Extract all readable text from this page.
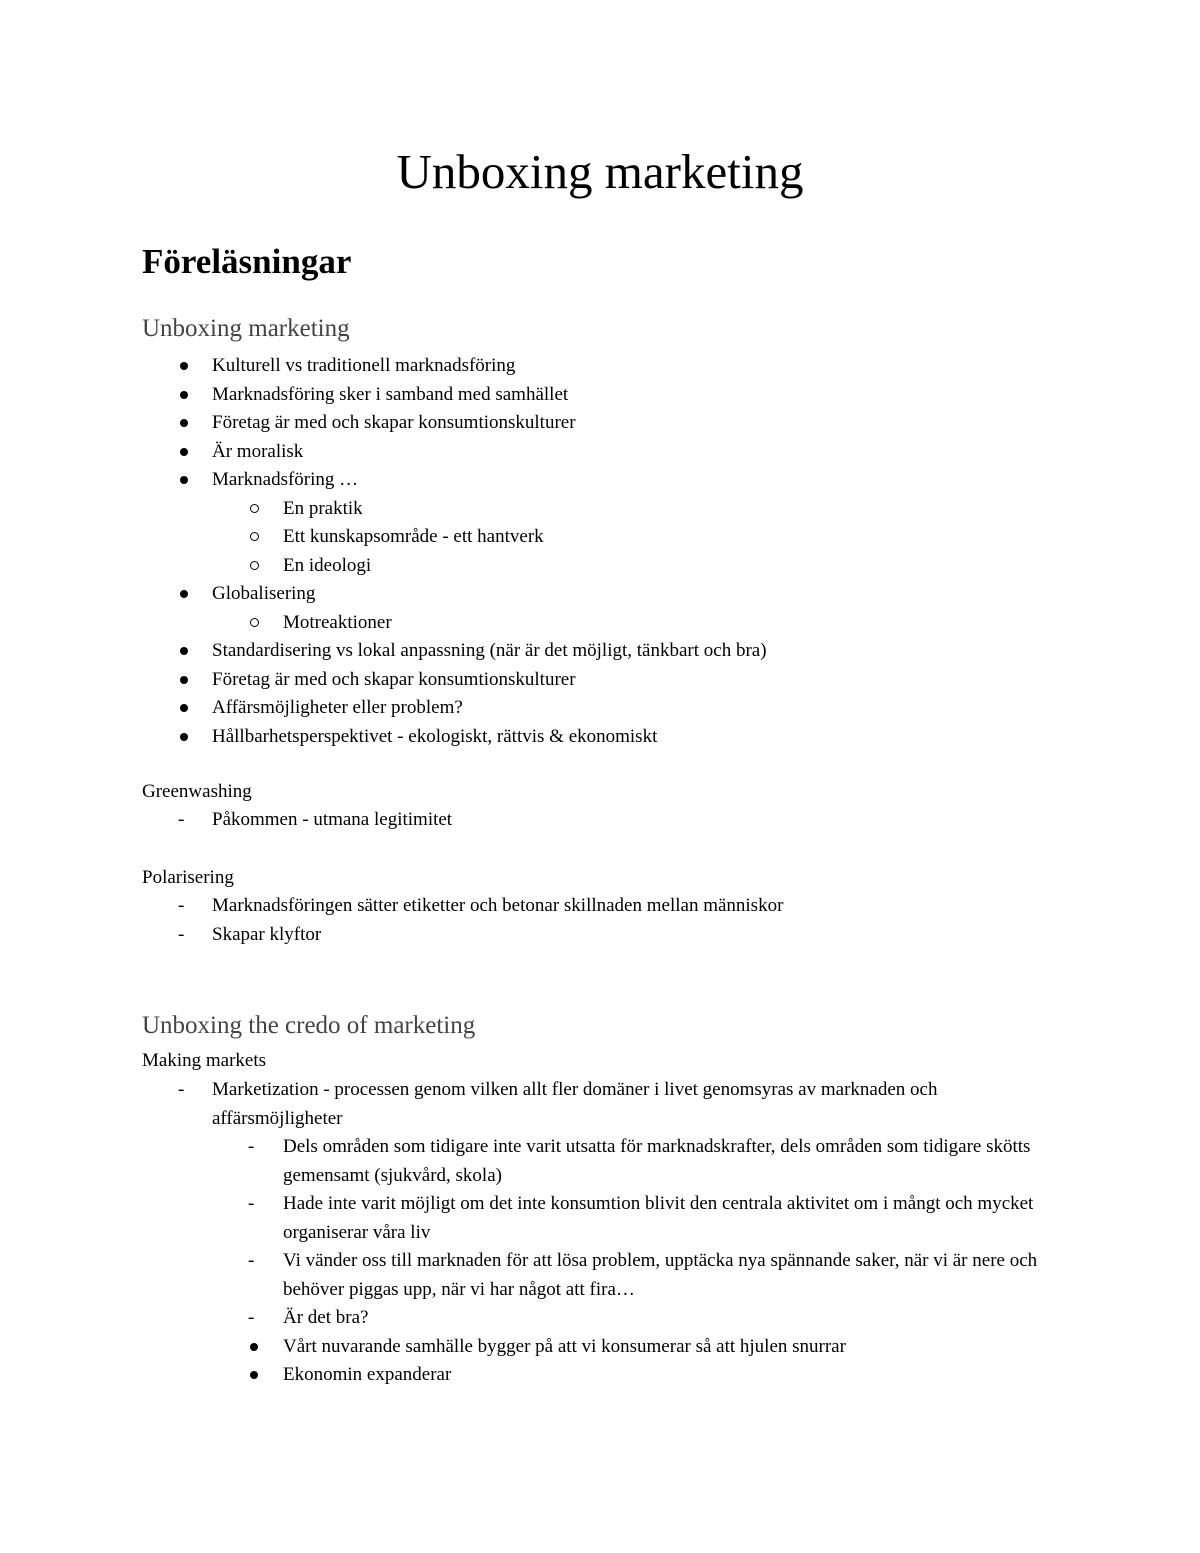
Unboxing marketing
Föreläsningar
Unboxing marketing
Kulturell vs traditionell marknadsföring
Marknadsföring sker i samband med samhället
Företag är med och skapar konsumtionskulturer
Är moralisk
Marknadsföring …
En praktik
Ett kunskapsområde - ett hantverk
En ideologi
Globalisering
Motreaktioner
Standardisering vs lokal anpassning (när är det möjligt, tänkbart och bra)
Företag är med och skapar konsumtionskulturer
Affärsmöjligheter eller problem?
Hållbarhetsperspektivet - ekologiskt, rättvis & ekonomiskt
Greenwashing
- Påkommen - utmana legitimitet
Polarisering
- Marknadsföringen sätter etiketter och betonar skillnaden mellan människor
- Skapar klyftor
Unboxing the credo of marketing
Making markets
- Marketization - processen genom vilken allt fler domäner i livet genomsyras av marknaden och affärsmöjligheter
- Dels områden som tidigare inte varit utsatta för marknadskrafter, dels områden som tidigare skötts gemensamt (sjukvård, skola)
- Hade inte varit möjligt om det inte konsumtion blivit den centrala aktivitet om i mångt och mycket organiserar våra liv
- Vi vänder oss till marknaden för att lösa problem, upptäcka nya spännande saker, när vi är nere och behöver piggas upp, när vi har något att fira…
- Är det bra?
Vårt nuvarande samhälle bygger på att vi konsumerar så att hjulen snurrar
Ekonomin expanderar
